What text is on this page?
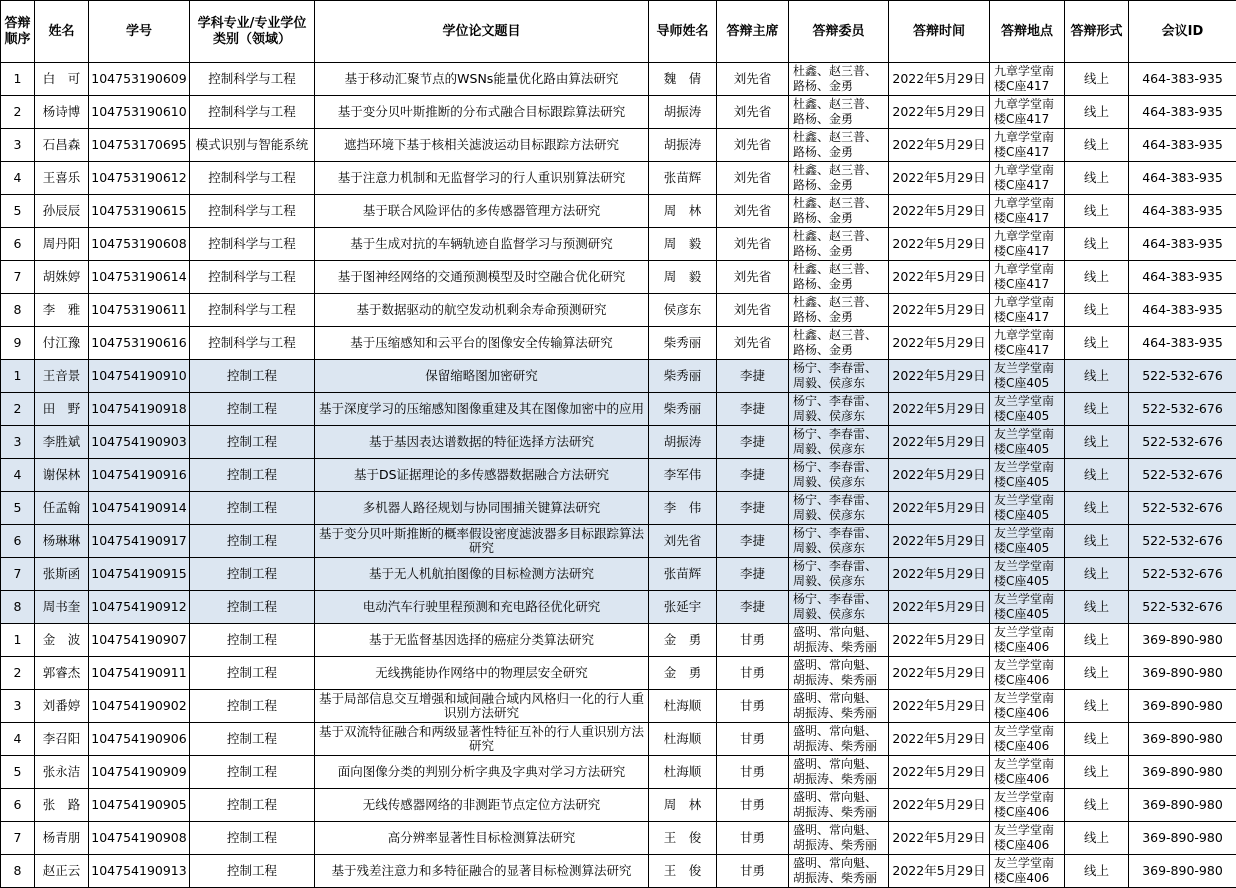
答辩顺序	姓名	学号	学科专业/专业学位类别（领域）	学位论文题目	导师姓名	答辩主席	答辩委员	答辩时间	答辩地点	答辩形式	会议ID
1	白　可	104753190609	控制科学与工程	基于移动汇聚节点的WSNs能量优化路由算法研究	魏　倩	刘先省	杜鑫、赵三普、路杨、金勇	2022年5月29日	九章学堂南楼C座417	线上	464-383-935
2	杨诗博	104753190610	控制科学与工程	基于变分贝叶斯推断的分布式融合目标跟踪算法研究	胡振涛	刘先省	杜鑫、赵三普、路杨、金勇	2022年5月29日	九章学堂南楼C座417	线上	464-383-935
3	石昌森	104753170695	模式识别与智能系统	遮挡环境下基于核相关滤波运动目标跟踪方法研究	胡振涛	刘先省	杜鑫、赵三普、路杨、金勇	2022年5月29日	九章学堂南楼C座417	线上	464-383-935
4	王喜乐	104753190612	控制科学与工程	基于注意力机制和无监督学习的行人重识别算法研究	张苗辉	刘先省	杜鑫、赵三普、路杨、金勇	2022年5月29日	九章学堂南楼C座417	线上	464-383-935
5	孙辰辰	104753190615	控制科学与工程	基于联合风险评估的多传感器管理方法研究	周　林	刘先省	杜鑫、赵三普、路杨、金勇	2022年5月29日	九章学堂南楼C座417	线上	464-383-935
6	周丹阳	104753190608	控制科学与工程	基于生成对抗的车辆轨迹自监督学习与预测研究	周　毅	刘先省	杜鑫、赵三普、路杨、金勇	2022年5月29日	九章学堂南楼C座417	线上	464-383-935
7	胡姝婷	104753190614	控制科学与工程	基于图神经网络的交通预测模型及时空融合优化研究	周　毅	刘先省	杜鑫、赵三普、路杨、金勇	2022年5月29日	九章学堂南楼C座417	线上	464-383-935
8	李　雅	104753190611	控制科学与工程	基于数据驱动的航空发动机剩余寿命预测研究	侯彦东	刘先省	杜鑫、赵三普、路杨、金勇	2022年5月29日	九章学堂南楼C座417	线上	464-383-935
9	付江豫	104753190616	控制科学与工程	基于压缩感知和云平台的图像安全传输算法研究	柴秀丽	刘先省	杜鑫、赵三普、路杨、金勇	2022年5月29日	九章学堂南楼C座417	线上	464-383-935
1	王音景	104754190910	控制工程	保留缩略图加密研究	柴秀丽	李捷	杨宁、李春雷、周毅、侯彦东	2022年5月29日	友兰学堂南楼C座405	线上	522-532-676
2	田　野	104754190918	控制工程	基于深度学习的压缩感知图像重建及其在图像加密中的应用	柴秀丽	李捷	杨宁、李春雷、周毅、侯彦东	2022年5月29日	友兰学堂南楼C座405	线上	522-532-676
3	李胜斌	104754190903	控制工程	基于基因表达谱数据的特征选择方法研究	胡振涛	李捷	杨宁、李春雷、周毅、侯彦东	2022年5月29日	友兰学堂南楼C座405	线上	522-532-676
4	谢保林	104754190916	控制工程	基于DS证据理论的多传感器数据融合方法研究	李军伟	李捷	杨宁、李春雷、周毅、侯彦东	2022年5月29日	友兰学堂南楼C座405	线上	522-532-676
5	任孟翰	104754190914	控制工程	多机器人路径规划与协同围捕关键算法研究	李　伟	李捷	杨宁、李春雷、周毅、侯彦东	2022年5月29日	友兰学堂南楼C座405	线上	522-532-676
6	杨琳琳	104754190917	控制工程	基于变分贝叶斯推断的概率假设密度滤波器多目标跟踪算法研究	刘先省	李捷	杨宁、李春雷、周毅、侯彦东	2022年5月29日	友兰学堂南楼C座405	线上	522-532-676
7	张斯函	104754190915	控制工程	基于无人机航拍图像的目标检测方法研究	张苗辉	李捷	杨宁、李春雷、周毅、侯彦东	2022年5月29日	友兰学堂南楼C座405	线上	522-532-676
8	周书奎	104754190912	控制工程	电动汽车行驶里程预测和充电路径优化研究	张延宇	李捷	杨宁、李春雷、周毅、侯彦东	2022年5月29日	友兰学堂南楼C座405	线上	522-532-676
1	金　波	104754190907	控制工程	基于无监督基因选择的癌症分类算法研究	金　勇	甘勇	盛明、常向魁、胡振涛、柴秀丽	2022年5月29日	友兰学堂南楼C座406	线上	369-890-980
2	郭睿杰	104754190911	控制工程	无线携能协作网络中的物理层安全研究	金　勇	甘勇	盛明、常向魁、胡振涛、柴秀丽	2022年5月29日	友兰学堂南楼C座406	线上	369-890-980
3	刘番婷	104754190902	控制工程	基于局部信息交互增强和域间融合域内风格归一化的行人重识别方法研究	杜海顺	甘勇	盛明、常向魁、胡振涛、柴秀丽	2022年5月29日	友兰学堂南楼C座406	线上	369-890-980
4	李召阳	104754190906	控制工程	基于双流特征融合和两级显著性特征互补的行人重识别方法研究	杜海顺	甘勇	盛明、常向魁、胡振涛、柴秀丽	2022年5月29日	友兰学堂南楼C座406	线上	369-890-980
5	张永洁	104754190909	控制工程	面向图像分类的判别分析字典及字典对学习方法研究	杜海顺	甘勇	盛明、常向魁、胡振涛、柴秀丽	2022年5月29日	友兰学堂南楼C座406	线上	369-890-980
6	张　路	104754190905	控制工程	无线传感器网络的非测距节点定位方法研究	周　林	甘勇	盛明、常向魁、胡振涛、柴秀丽	2022年5月29日	友兰学堂南楼C座406	线上	369-890-980
7	杨青朋	104754190908	控制工程	高分辨率显著性目标检测算法研究	王　俊	甘勇	盛明、常向魁、胡振涛、柴秀丽	2022年5月29日	友兰学堂南楼C座406	线上	369-890-980
8	赵正云	104754190913	控制工程	基于残差注意力和多特征融合的显著目标检测算法研究	王　俊	甘勇	盛明、常向魁、胡振涛、柴秀丽	2022年5月29日	友兰学堂南楼C座406	线上	369-890-980
